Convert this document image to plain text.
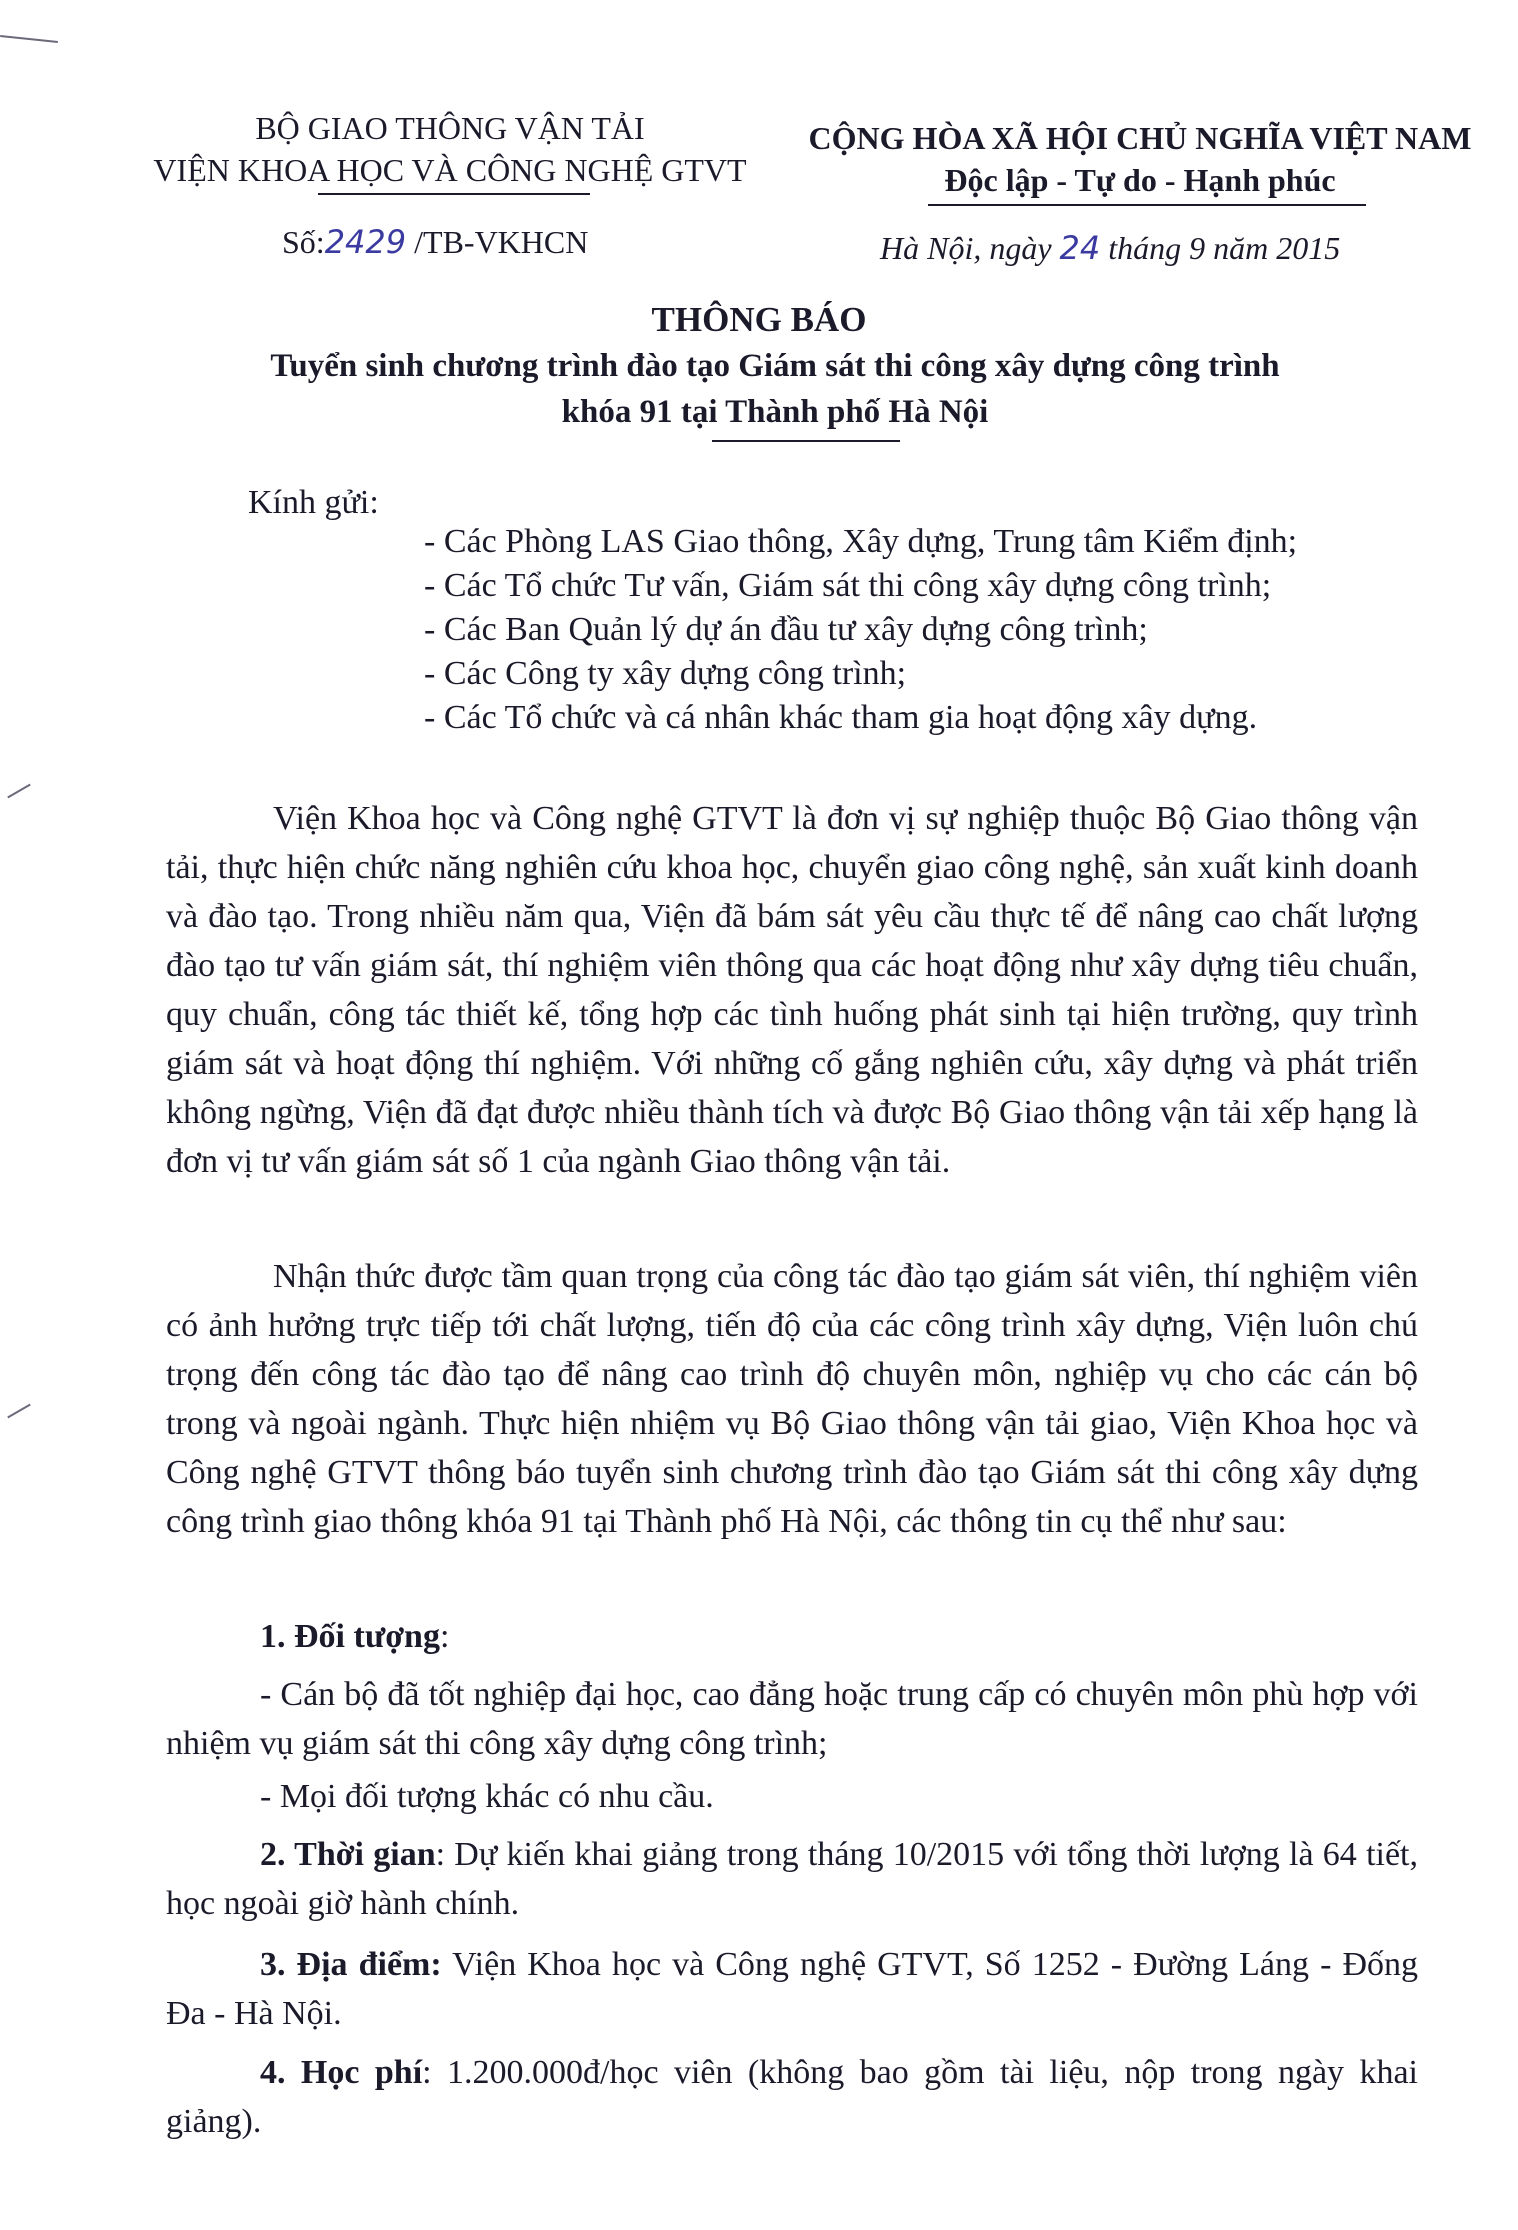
BỘ GIAO THÔNG VẬN TẢI
VIỆN KHOA HỌC VÀ CÔNG NGHỆ GTVT
Số:2429 /TB-VKHCN
CỘNG HÒA XÃ HỘI CHỦ NGHĨA VIỆT NAM
Độc lập - Tự do - Hạnh phúc
Hà Nội, ngày 24 tháng 9 năm 2015
THÔNG BÁO
Tuyển sinh chương trình đào tạo Giám sát thi công xây dựng công trình
khóa 91 tại Thành phố Hà Nội
Kính gửi:
- Các Phòng LAS Giao thông, Xây dựng, Trung tâm Kiểm định;
- Các Tổ chức Tư vấn, Giám sát thi công xây dựng công trình;
- Các Ban Quản lý dự án đầu tư xây dựng công trình;
- Các Công ty xây dựng công trình;
- Các Tổ chức và cá nhân khác tham gia hoạt động xây dựng.
Viện Khoa học và Công nghệ GTVT là đơn vị sự nghiệp thuộc Bộ Giao thông vận tải, thực hiện chức năng nghiên cứu khoa học, chuyển giao công nghệ, sản xuất kinh doanh và đào tạo. Trong nhiều năm qua, Viện đã bám sát yêu cầu thực tế để nâng cao chất lượng đào tạo tư vấn giám sát, thí nghiệm viên thông qua các hoạt động như xây dựng tiêu chuẩn, quy chuẩn, công tác thiết kế, tổng hợp các tình huống phát sinh tại hiện trường, quy trình giám sát và hoạt động thí nghiệm. Với những cố gắng nghiên cứu, xây dựng và phát triển không ngừng, Viện đã đạt được nhiều thành tích và được Bộ Giao thông vận tải xếp hạng là đơn vị tư vấn giám sát số 1 của ngành Giao thông vận tải.
Nhận thức được tầm quan trọng của công tác đào tạo giám sát viên, thí nghiệm viên có ảnh hưởng trực tiếp tới chất lượng, tiến độ của các công trình xây dựng, Viện luôn chú trọng đến công tác đào tạo để nâng cao trình độ chuyên môn, nghiệp vụ cho các cán bộ trong và ngoài ngành. Thực hiện nhiệm vụ Bộ Giao thông vận tải giao, Viện Khoa học và Công nghệ GTVT thông báo tuyển sinh chương trình đào tạo Giám sát thi công xây dựng công trình giao thông khóa 91 tại Thành phố Hà Nội, các thông tin cụ thể như sau:
1. Đối tượng:
- Cán bộ đã tốt nghiệp đại học, cao đẳng hoặc trung cấp có chuyên môn phù hợp với nhiệm vụ giám sát thi công xây dựng công trình;
- Mọi đối tượng khác có nhu cầu.
2. Thời gian: Dự kiến khai giảng trong tháng 10/2015 với tổng thời lượng là 64 tiết, học ngoài giờ hành chính.
3. Địa điểm: Viện Khoa học và Công nghệ GTVT, Số 1252 - Đường Láng - Đống Đa - Hà Nội.
4. Học phí: 1.200.000đ/học viên (không bao gồm tài liệu, nộp trong ngày khai giảng).
